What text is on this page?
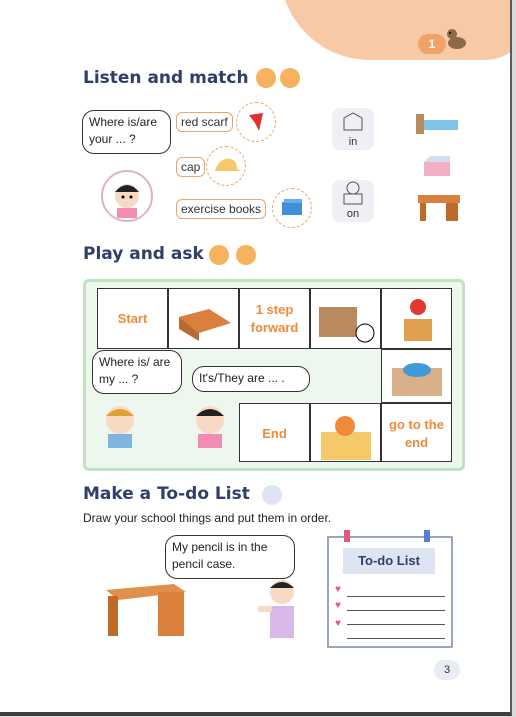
1
Listen and match
Where is/are your ... ?
red scarf
cap
exercise books
in
on
Play and ask
Start
1 step forward
End
go to the end
Where is/ are my ... ?	It's/They are ... .
Make a To-do List
Draw your school things and put them in order.
My pencil is in the pencil case.	To-do List
♥
♥
♥
3
